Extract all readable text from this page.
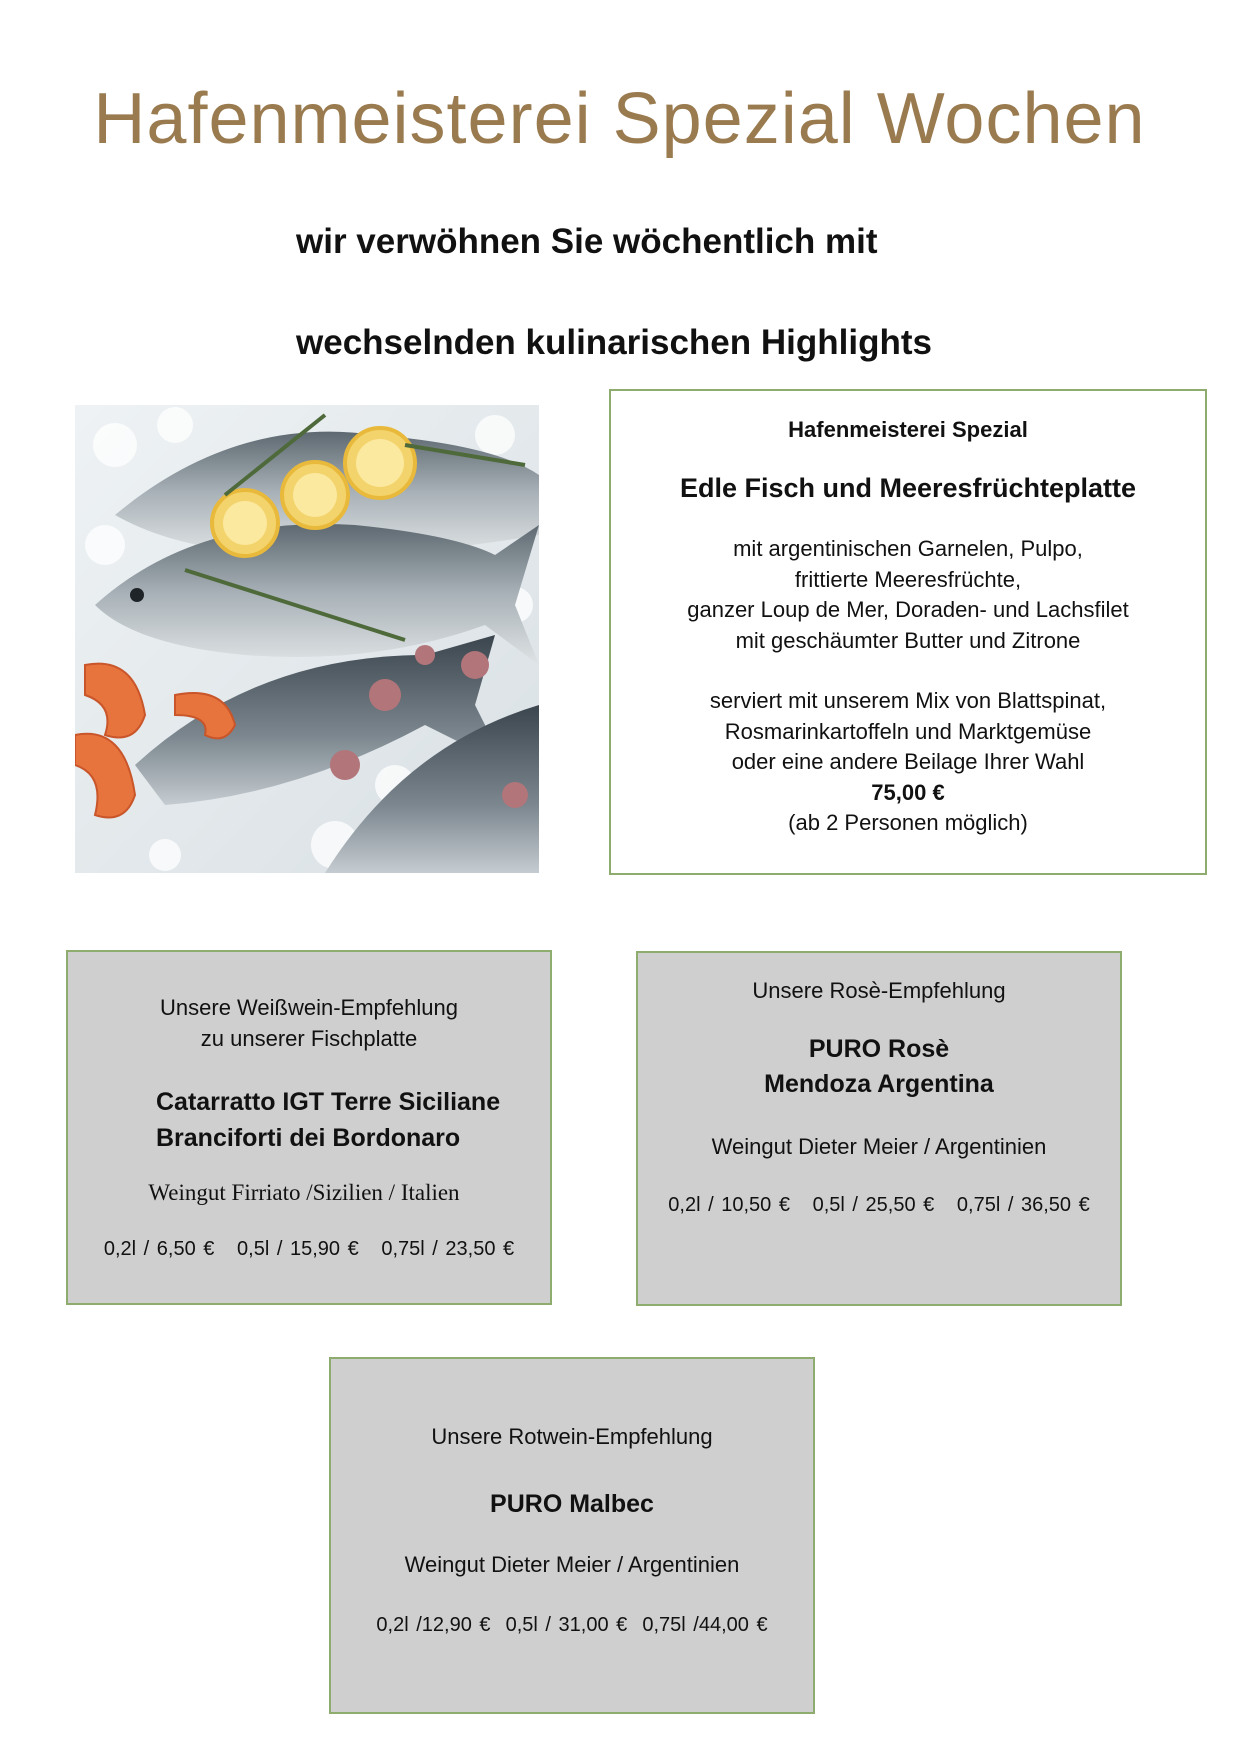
Hafenmeisterei Spezial Wochen

wir verwöhnen Sie wöchentlich mit

wechselnden kulinarischen Highlights

Hafenmeisterei Spezial
Edle Fisch und Meeresfrüchteplatte
mit argentinischen Garnelen, Pulpo,
frittierte Meeresfrüchte,
ganzer Loup de Mer, Doraden- und Lachsfilet
mit geschäumter Butter und Zitrone
serviert mit unserem Mix von Blattspinat,
Rosmarinkartoffeln und Marktgemüse
oder eine andere Beilage Ihrer Wahl
75,00 €
(ab 2 Personen möglich)
Unsere Weißwein-Empfehlung
zu unserer Fischplatte
Catarratto IGT Terre Siciliane
Branciforti dei Bordonaro
Weingut Firriato /Sizilien / Italien
0,2l / 6,50 €   0,5l / 15,90 €   0,75l / 23,50 €
Unsere Rosè-Empfehlung
PURO Rosè
Mendoza Argentina
Weingut Dieter Meier / Argentinien
0,2l / 10,50 €   0,5l / 25,50 €   0,75l / 36,50 €
Unsere Rotwein-Empfehlung
PURO Malbec
Weingut Dieter Meier / Argentinien
0,2l /12,90 €  0,5l / 31,00 €  0,75l /44,00 €
